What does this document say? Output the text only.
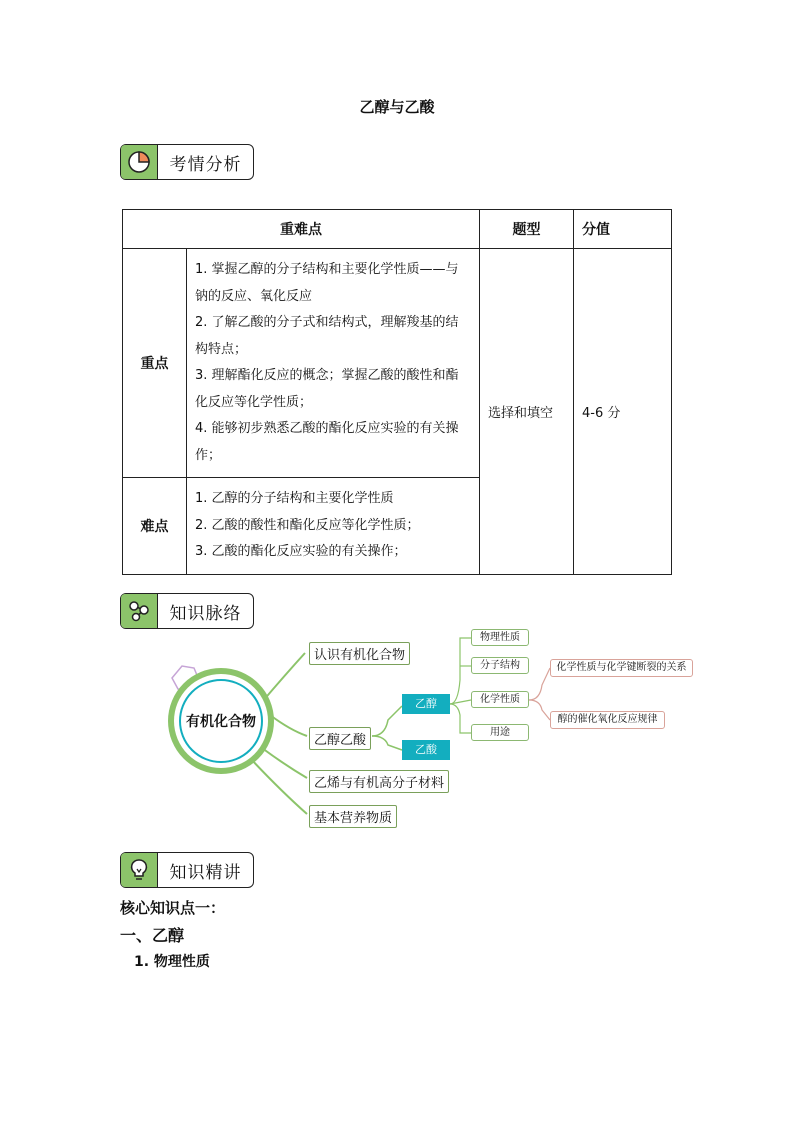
乙醇与乙酸
考情分析
重难点		题型	分值
重点	1. 掌握乙醇的分子结构和主要化学性质——与钠的反应、氧化反应
2. 了解乙酸的分子式和结构式，理解羧基的结构特点；
3. 理解酯化反应的概念；掌握乙酸的酸性和酯化反应等化学性质；
4. 能够初步熟悉乙酸的酯化反应实验的有关操作；	选择和填空	4-6 分
难点	1. 乙醇的分子结构和主要化学性质
2. 乙酸的酸性和酯化反应等化学性质；
3. 乙酸的酯化反应实验的有关操作；		
知识脉络
有机化合物
认识有机化合物
乙醇乙酸
乙烯与有机高分子材料
基本营养物质
乙醇
乙酸
物理性质
分子结构
化学性质
用途
化学性质与化学键断裂的关系
醇的催化氧化反应规律
知识精讲
核心知识点一：
一、乙醇
1. 物理性质
